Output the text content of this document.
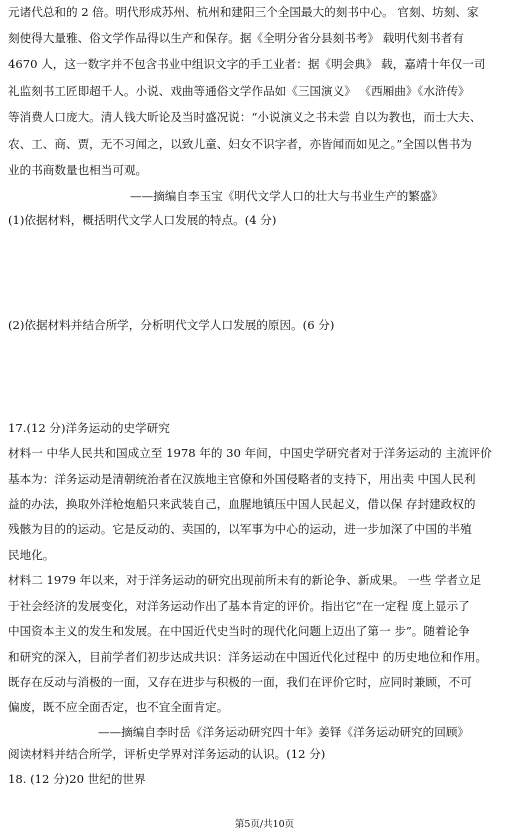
元诸代总和的 2 倍。明代形成苏州、杭州和建阳三个全国最大的刻书中心。 官刻、坊刻、家
刻使得大量雅、俗文学作品得以生产和保存。据《全明分省分县刻书考》 载明代刻书者有
4670 人，这一数字并不包含书业中组识文字的手工业者：据《明会典》 载，嘉靖十年仅一司
礼监刻书工匠即超千人。小说、戏曲等通俗文学作品如《三国演义》 《西厢曲》《水浒传》
等消费人口庞大。清人钱大昕论及当时盛况说：“小说演义之书未尝 自以为教也，而士大夫、
农、工、商、贾，无不习闻之，以致儿童、妇女不识字者，亦皆闻而如见之。”全国以售书为
业的书商数量也相当可观。
——摘编自李玉宝《明代文学人口的壮大与书业生产的繁盛》
(1)依据材料，概括明代文学人口发展的特点。(4 分)
(2)依据材料并结合所学，分析明代文学人口发展的原因。(6 分)
17.(12 分)洋务运动的史学研究
材料一 中华人民共和国成立至 1978 年的 30 年间，中国史学研究者对于洋务运动的 主流评价
基本为：洋务运动是清朝统治者在汉族地主官僚和外国侵略者的支持下，用出卖 中国人民利
益的办法，换取外洋枪炮船只来武装自己，血腥地镇压中国人民起义，借以保 存封建政权的
残骸为目的的运动。它是反动的、卖国的，以军事为中心的运动，进一步加深了中国的半殖
民地化。
材料二 1979 年以来，对于洋务运动的研究出现前所未有的新论争、新成果。 一些 学者立足
于社会经济的发展变化，对洋务运动作出了基本肯定的评价。指出它“在一定程 度上显示了
中国资本主义的发生和发展。在中国近代史当时的现代化问题上迈出了第一 步”。随着论争
和研究的深入，目前学者们初步达成共识：洋务运动在中国近代化过程中 的历史地位和作用。
既存在反动与消极的一面，又存在进步与积极的一面，我们在评价它时，应同时兼顾，不可
偏废，既不应全面否定，也不宜全面肯定。
——摘编自李时岳《洋务运动研究四十年》姜铎《洋务运动研究的回顾》
阅读材料并结合所学，评析史学界对洋务运动的认识。(12 分)
18. (12 分)20 世纪的世界
第5页/共10页
